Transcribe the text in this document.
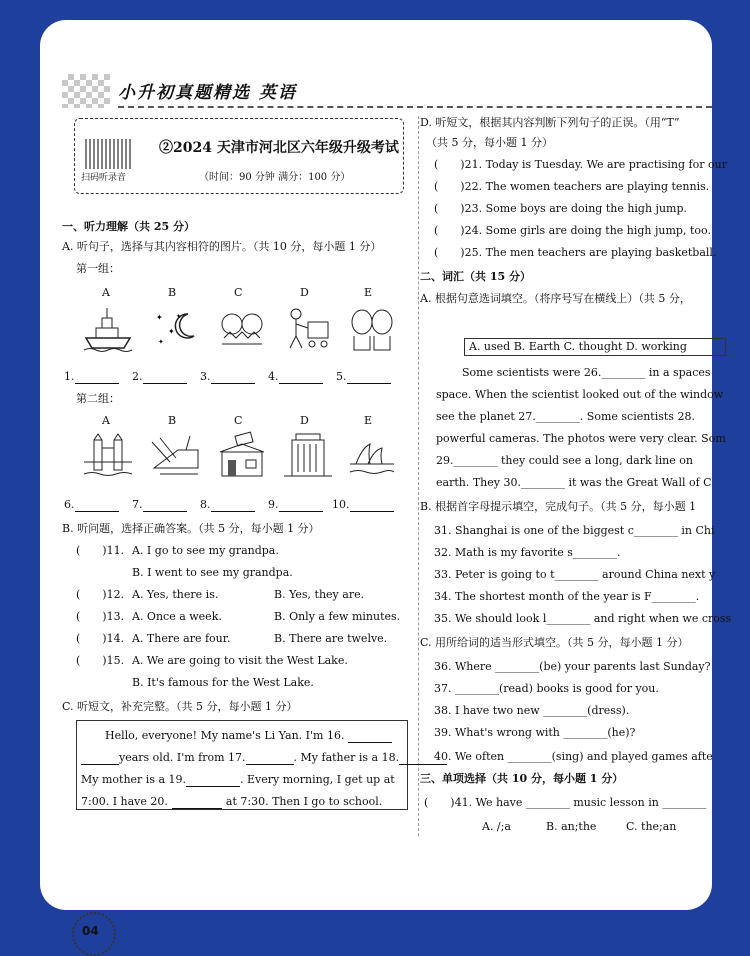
小升初真题精选 英语
扫码听录音
②2024 天津市河北区六年级升级考试
（时间：90 分钟 满分：100 分）
一、听力理解（共 25 分）
A. 听句子，选择与其内容相符的图片。（共 10 分，每小题 1 分）
第一组：
A	B	C	D	E
✦
✦
✦
✦
1.	2.	3.	4.	5.
第二组：
A	B	C	D	E
6.	7.	8.	9.	10.
B. 听问题，选择正确答案。（共 5 分，每小题 1 分）
(　　)11. A. I go to see my grandpa.
B. I went to see my grandpa.
(　　)12. A. Yes, there is.	B. Yes, they are.
(　　)13. A. Once a week.	B. Only a few minutes.
(　　)14. A. There are four.	B. There are twelve.
(　　)15. A. We are going to visit the West Lake.
B. It's famous for the West Lake.
C. 听短文，补充完整。（共 5 分，每小题 1 分）
Hello, everyone! My name's Li Yan. I'm 16.
years old. I'm from 17.	. My father is a 18.
My mother is a 19.	. Every morning, I get up at
7:00. I have 20.	at 7:30. Then I go to school.
04
D. 听短文，根据其内容判断下列句子的正误。（用“T”
（共 5 分，每小题 1 分）
(　　)21. Today is Tuesday. We are practising for our
(　　)22. The women teachers are playing tennis.
(　　)23. Some boys are doing the high jump.
(　　)24. Some girls are doing the high jump, too.
(　　)25. The men teachers are playing basketball.
二、词汇（共 15 分）
A. 根据句意选词填空。（将序号写在横线上）（共 5 分，
A. used B. Earth C. thought D. working
Some scientists were 26.________ in a spaces
space. When the scientist looked out of the window
see the planet 27.________. Some scientists 28.
powerful cameras. The photos were very clear. Som
29.________ they could see a long, dark line on
earth. They 30.________ it was the Great Wall of C
B. 根据首字母提示填空，完成句子。（共 5 分，每小题 1
31. Shanghai is one of the biggest c________ in Chi
32. Math is my favorite s________.
33. Peter is going to t________ around China next y
34. The shortest month of the year is F________.
35. We should look l________ and right when we cross
C. 用所给词的适当形式填空。（共 5 分，每小题 1 分）
36. Where ________(be) your parents last Sunday?
37. ________(read) books is good for you.
38. I have two new ________(dress).
39. What's wrong with ________(he)?
40. We often ________(sing) and played games afte
三、单项选择（共 10 分，每小题 1 分）
(　　)41. We have ________ music lesson in ________
A. /;a	B. an;the	C. the;an
